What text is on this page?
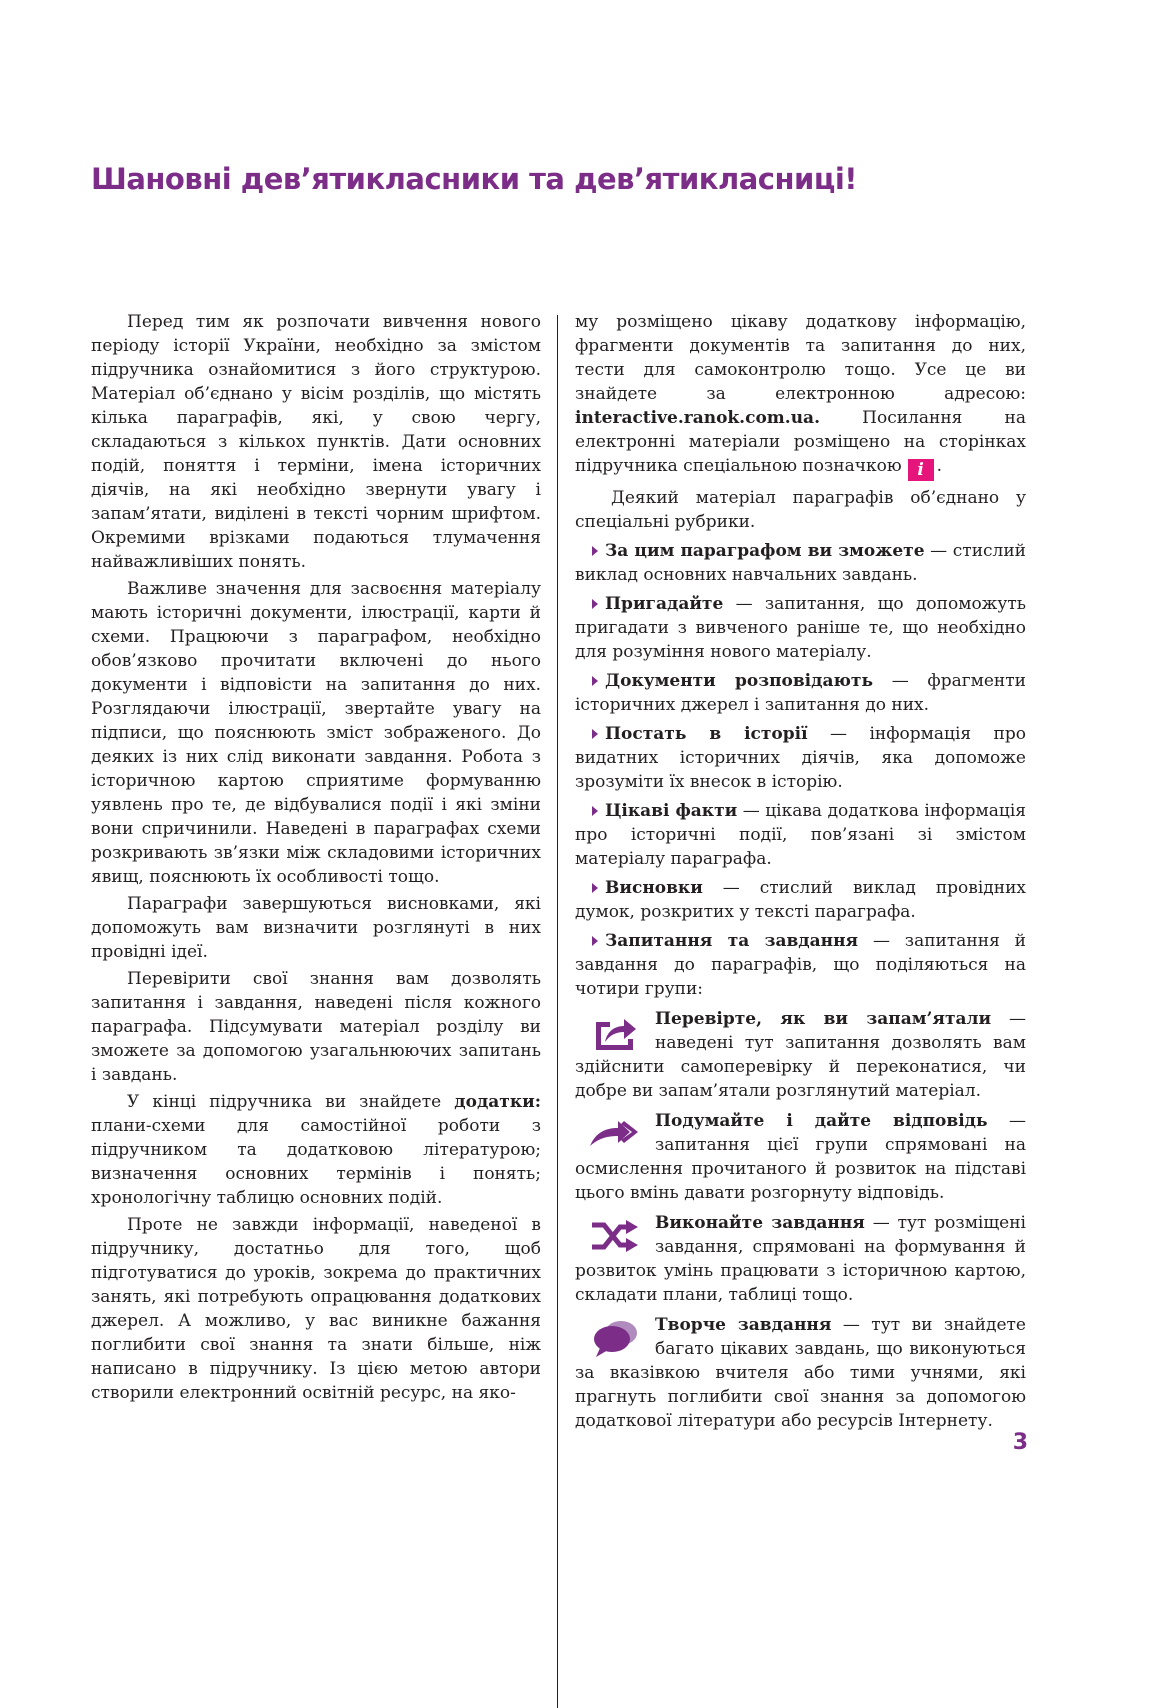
Шановні дев’ятикласники та дев’ятикласниці!

Перед тим як розпочати вивчення нового періоду історії України, необхідно за змістом підручника ознайомитися з його структурою. Матеріал об’єднано у вісім розділів, що містять кілька параграфів, які, у свою чергу, складаються з кількох пунктів. Дати основних подій, поняття і терміни, імена історичних діячів, на які необхідно звернути увагу і запам’ятати, виділені в тексті чорним шрифтом. Окремими врізками подаються тлумачення найважливіших понять.

Важливе значення для засвоєння матеріалу мають історичні документи, ілюстрації, карти й схеми. Працюючи з параграфом, необхідно обов’язково прочитати включені до нього документи і відповісти на запитання до них. Розглядаючи ілюстрації, звертайте увагу на підписи, що пояснюють зміст зображеного. До деяких із них слід виконати завдання. Робота з історичною картою сприятиме формуванню уявлень про те, де відбувалися події і які зміни вони спричинили. Наведені в параграфах схеми розкривають зв’язки між складовими історичних явищ, пояснюють їх особливості тощо.

Параграфи завершуються висновками, які допоможуть вам визначити розглянуті в них провідні ідеї.

Перевірити свої знання вам дозволять запитання і завдання, наведені після кожного параграфа. Підсумувати матеріал розділу ви зможете за допомогою узагальнюючих запитань і завдань.

У кінці підручника ви знайдете додатки: плани-схеми для самостійної роботи з підручником та додатковою літературою; визначення основних термінів і понять; хронологічну таблицю основних подій.

Проте не завжди інформації, наведеної в підручнику, достатньо для того, щоб підготуватися до уроків, зокрема до практичних занять, які потребують опрацювання додаткових джерел. А можливо, у вас виникне бажання поглибити свої знання та знати більше, ніж написано в підручнику. Із цією метою автори створили електронний освітній ресурс, на яко-

му розміщено цікаву додаткову інформацію, фрагменти документів та запитання до них, тести для самоконтролю тощо. Усе це ви знайдете за електронною адресою: interactive.ranok.com.ua. Посилання на електронні матеріали розміщено на сторінках підручника спеціальною позначкою i .

Деякий матеріал параграфів об’єднано у спеціальні рубрики.

За цим параграфом ви зможете — стислий виклад основних навчальних завдань.

Пригадайте — запитання, що допоможуть пригадати з вивченого раніше те, що необхідно для розуміння нового матеріалу.

Документи розповідають — фрагменти історичних джерел і запитання до них.

Постать в історії — інформація про видатних історичних діячів, яка допоможе зрозуміти їх внесок в історію.

Цікаві факти — цікава додаткова інформація про історичні події, пов’язані зі змістом матеріалу параграфа.

Висновки — стислий виклад провідних думок, розкритих у тексті параграфа.

Запитання та завдання — запитання й завдання до параграфів, що поділяються на чотири групи:

Перевірте, як ви запам’ятали — наведені тут запитання дозволять вам здійснити самоперевірку й переконатися, чи добре ви запам’ятали розглянутий матеріал.

Подумайте і дайте відповідь — запитання цієї групи спрямовані на осмислення прочитаного й розвиток на підставі цього вмінь давати розгорнуту відповідь.

Виконайте завдання — тут розміщені завдання, спрямовані на формування й розвиток умінь працювати з історичною картою, складати плани, таблиці тощо.

Творче завдання — тут ви знайдете багато цікавих завдань, що виконуються за вказівкою вчителя або тими учнями, які прагнуть поглибити свої знання за допомогою додаткової літератури або ресурсів Інтернету.

3
